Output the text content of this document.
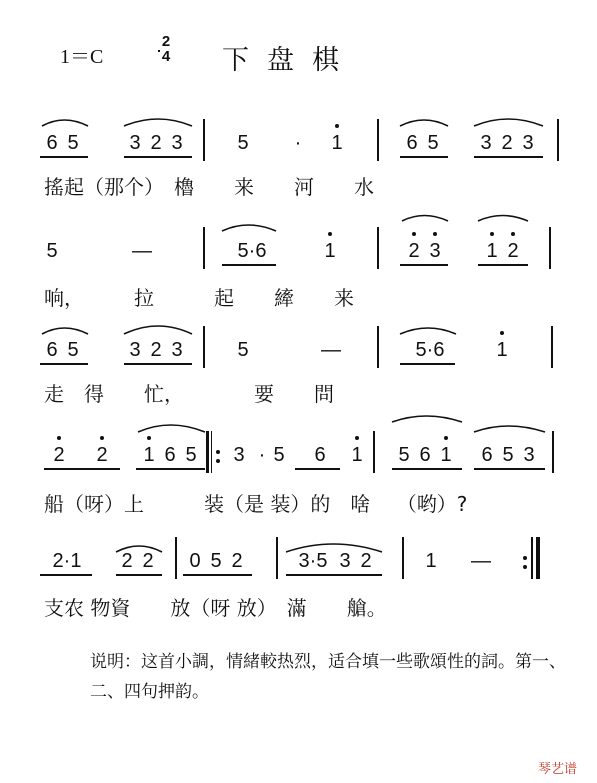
1＝C
2
4 下盘棋
6 5	3 2 3	5 · 1	6 5 3 2 3
搖起（那个）　櫓　　来　　河　　水
5	—	5·6	1	2 3 1 2
响，　　　拉　　　起　　縴　　来
6 5	3 2 3	5	—	5·6	1
走　得　　忙，　　　　要　　問
2 2 1 6 5 3 · 5 6 1 5 6 1 6 5 3
船（呀）上　　　装（是 装）的　啥　 （哟）?
2·1	2 2 0 5 2	3·5 3 2	1 —
支农 物資　　放（呀 放）　滿　　艙。
说明：这首小調，情緒較热烈，适合填一些歌頌性的詞。第一、二、四句押韵。
琴艺谱
